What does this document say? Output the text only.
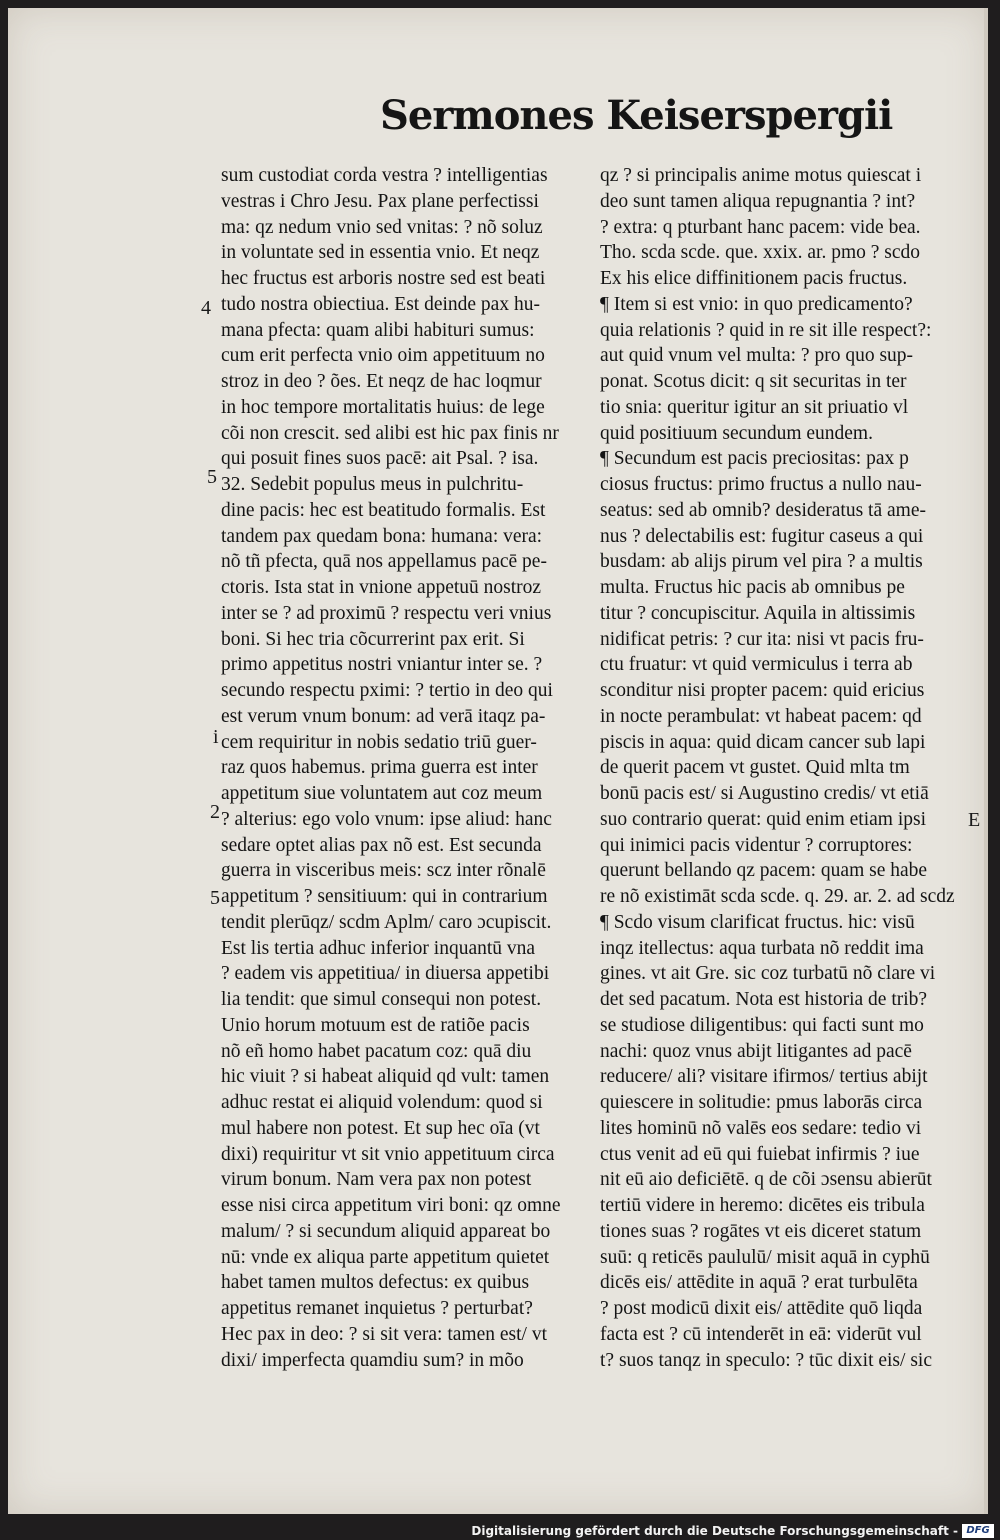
Sermones Keiserspergii
sum custodiat corda vestra ? intelligentias
vestras i Chro Jesu. Pax plane perfectissi
ma: qz nedum vnio sed vnitas: ? nõ soluz
in voluntate sed in essentia vnio. Et neqz
hec fructus est arboris nostre sed est beati
tudo nostra obiectiua. Est deinde pax hu-
mana pfecta: quam alibi habituri sumus:
cum erit perfecta vnio oim appetituum no
stroz in deo ? ões. Et neqz de hac loqmur
in hoc tempore mortalitatis huius: de lege
cõi non crescit. sed alibi est hic pax finis nr
qui posuit fines suos pacē: ait Psal. ? isa.
32. Sedebit populus meus in pulchritu-
dine pacis: hec est beatitudo formalis. Est
tandem pax quedam bona: humana: vera:
nõ tñ pfecta, quā nos appellamus pacē pe-
ctoris. Ista stat in vnione appetuū nostroz
inter se ? ad proximū ? respectu veri vnius
boni. Si hec tria cõcurrerint pax erit. Si
primo appetitus nostri vniantur inter se. ?
secundo respectu pximi: ? tertio in deo qui
est verum vnum bonum: ad verā itaqz pa-
cem requiritur in nobis sedatio triū guer-
raz quos habemus. prima guerra est inter
appetitum siue voluntatem aut coz meum
? alterius: ego volo vnum: ipse aliud: hanc
sedare optet alias pax nõ est. Est secunda
guerra in visceribus meis: scz inter rõnalē
appetitum ? sensitiuum: qui in contrarium
tendit plerūqz/ scdm Aplm/ caro ɔcupiscit.
Est lis tertia adhuc inferior inquantū vna
? eadem vis appetitiua/ in diuersa appetibi
lia tendit: que simul consequi non potest.
Unio horum motuum est de ratiõe pacis
nõ eñ homo habet pacatum coz: quā diu
hic viuit ? si habeat aliquid qd vult: tamen
adhuc restat ei aliquid volendum: quod si
mul habere non potest. Et sup hec oīa (vt
dixi) requiritur vt sit vnio appetituum circa
virum bonum. Nam vera pax non potest
esse nisi circa appetitum viri boni: qz omne
malum/ ? si secundum aliquid appareat bo
nū: vnde ex aliqua parte appetitum quietet
habet tamen multos defectus: ex quibus
appetitus remanet inquietus ? perturbat?
Hec pax in deo: ? si sit vera: tamen est/ vt
dixi/ imperfecta quamdiu sum? in mõo
qz ? si principalis anime motus quiescat i
deo sunt tamen aliqua repugnantia ? int?
? extra: q pturbant hanc pacem: vide bea.
Tho. scda scde. que. xxix. ar. pmo ? scdo
Ex his elice diffinitionem pacis fructus.
¶ Item si est vnio: in quo predicamento?
quia relationis ? quid in re sit ille respect?:
aut quid vnum vel multa: ? pro quo sup-
ponat. Scotus dicit: q sit securitas in ter
tio snia: queritur igitur an sit priuatio vl
quid positiuum secundum eundem.
¶ Secundum est pacis preciositas: pax p
ciosus fructus: primo fructus a nullo nau-
seatus: sed ab omnib? desideratus tā ame-
nus ? delectabilis est: fugitur caseus a qui
busdam: ab alijs pirum vel pira ? a multis
multa. Fructus hic pacis ab omnibus pe
titur ? concupiscitur. Aquila in altissimis
nidificat petris: ? cur ita: nisi vt pacis fru-
ctu fruatur: vt quid vermiculus i terra ab
sconditur nisi propter pacem: quid ericius
in nocte perambulat: vt habeat pacem: qd
piscis in aqua: quid dicam cancer sub lapi
de querit pacem vt gustet. Quid mlta tm
bonū pacis est/ si Augustino credis/ vt etiā
suo contrario querat: quid enim etiam ipsi
qui inimici pacis videntur ? corruptores:
querunt bellando qz pacem: quam se habe
re nõ existimāt scda scde. q. 29. ar. 2. ad scdz
¶ Scdo visum clarificat fructus. hic: visū
inqz itellectus: aqua turbata nõ reddit ima
gines. vt ait Gre. sic coz turbatū nõ clare vi
det sed pacatum. Nota est historia de trib?
se studiose diligentibus: qui facti sunt mo
nachi: quoz vnus abijt litigantes ad pacē
reducere/ ali? visitare ifirmos/ tertius abijt
quiescere in solitudie: pmus laborās circa
lites hominū nõ valēs eos sedare: tedio vi
ctus venit ad eū qui fuiebat infirmis ? iue
nit eū aio deficiētē. q de cõi ɔsensu abierūt
tertiū videre in heremo: dicētes eis tribula
tiones suas ? rogātes vt eis diceret statum
suū: q reticēs paululū/ misit aquā in cyphū
dicēs eis/ attēdite in aquā ? erat turbulēta
? post modicū dixit eis/ attēdite quō liqda
facta est ? cū intenderēt in eā: viderūt vul
t? suos tanqz in speculo: ? tūc dixit eis/ sic
4
5
i
2
5
E
Digitalisierung gefördert durch die Deutsche Forschungsgemeinschaft - DFG
